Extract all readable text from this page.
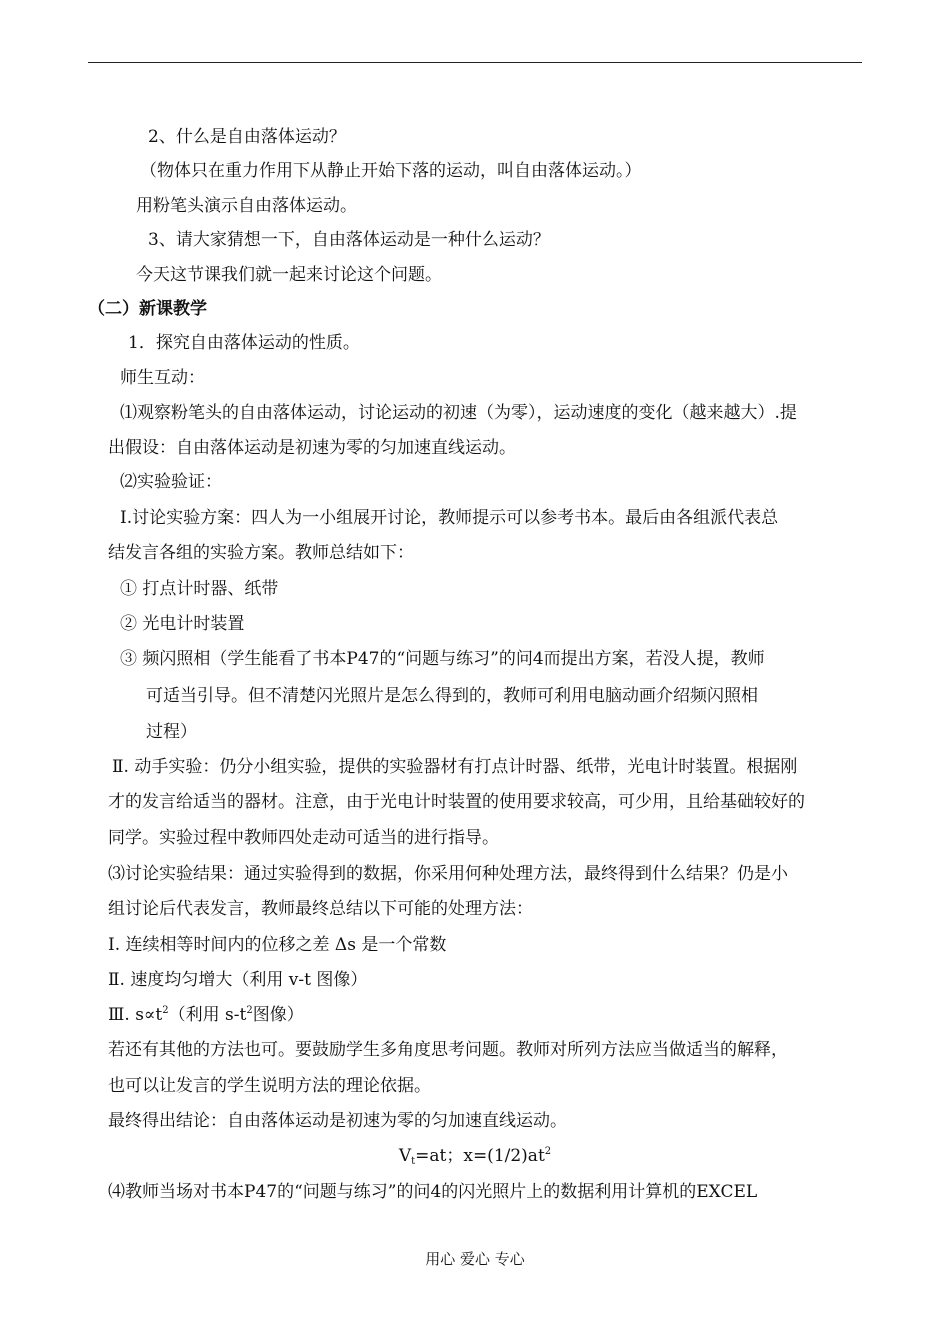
2、什么是自由落体运动？
（物体只在重力作用下从静止开始下落的运动，叫自由落体运动。）
用粉笔头演示自由落体运动。
3、请大家猜想一下，自由落体运动是一种什么运动？
今天这节课我们就一起来讨论这个问题。
（二）新课教学
1．探究自由落体运动的性质。
师生互动：
⑴观察粉笔头的自由落体运动，讨论运动的初速（为零），运动速度的变化（越来越大）.提
出假设：自由落体运动是初速为零的匀加速直线运动。
⑵实验验证：
Ⅰ.讨论实验方案：四人为一小组展开讨论，教师提示可以参考书本。最后由各组派代表总
结发言各组的实验方案。教师总结如下：
① 打点计时器、纸带
② 光电计时装置
③ 频闪照相（学生能看了书本P47的“问题与练习”的问4而提出方案，若没人提，教师
可适当引导。但不清楚闪光照片是怎么得到的，教师可利用电脑动画介绍频闪照相
过程）
Ⅱ. 动手实验：仍分小组实验，提供的实验器材有打点计时器、纸带，光电计时装置。根据刚
才的发言给适当的器材。注意，由于光电计时装置的使用要求较高，可少用，且给基础较好的
同学。实验过程中教师四处走动可适当的进行指导。
⑶讨论实验结果：通过实验得到的数据，你采用何种处理方法，最终得到什么结果？仍是小
组讨论后代表发言，教师最终总结以下可能的处理方法：
Ⅰ. 连续相等时间内的位移之差 Δs 是一个常数
Ⅱ. 速度均匀增大（利用 v-t 图像）
Ⅲ. $s\propto t^2$（利用 $s-t^2$图像）
若还有其他的方法也可。要鼓励学生多角度思考问题。教师对所列方法应当做适当的解释，
也可以让发言的学生说明方法的理论依据。
最终得出结论：自由落体运动是初速为零的匀加速直线运动。
$V_t=at$；$x=(1/2)at^2$
⑷教师当场对书本P47的“问题与练习”的问4的闪光照片上的数据利用计算机的EXCEL
用心 爱心 专心
